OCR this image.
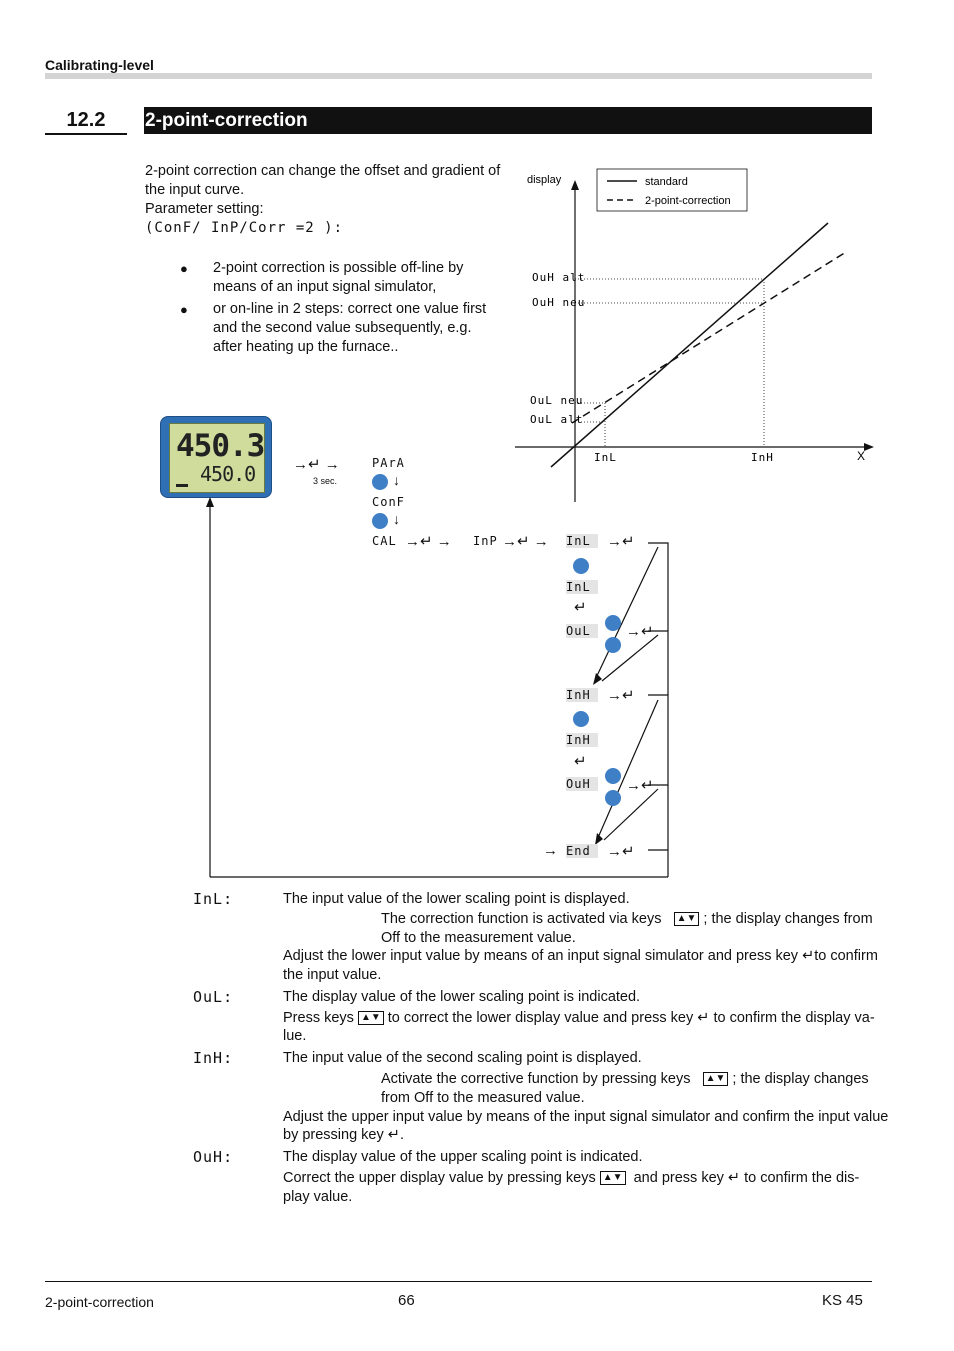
Calibrating-level
12.2	2-point-correction
2-point correction can change the offset and gradient of
the input curve.
Parameter setting:
(ConF/ InP/Corr =2 ):
● 2-point correction is possible off-line by
means of an input signal simulator,
● or on-line in 2 steps: correct one value first
and the second value subsequently, e.g.
after heating up the furnace..
display
X
standard
2-point-correction
OuH alt
OuH neu
OuL neu
OuL alt
InL	InH
450.3
450.0	→↵ →
3 sec.
PArA
↓
ConF
↓
CAL →↵ → InP →↵ → InL	→↵
InL
↵
OuL	→↵
InH	→↵
InH
↵
OuH	→↵
→ End	→↵
InL:	The input value of the lower scaling point is displayed.
The correction function is activated via keys ▲▼ ; the display changes from
Off to the measurement value.
Adjust the lower input value by means of an input signal simulator and press key ↵to confirm
the input value.
OuL:	The display value of the lower scaling point is indicated.
Press keys ▲▼ to correct the lower display value and press key ↵ to confirm the display va-
lue.
InH:	The input value of the second scaling point is displayed.
Activate the corrective function by pressing keys ▲▼ ; the display changes
from Off to the measured value.
Adjust the upper input value by means of the input signal simulator and confirm the input value
by pressing key ↵.
OuH:	The display value of the upper scaling point is indicated.
Correct the upper display value by pressing keys ▲▼ and press key ↵ to confirm the dis-
play value.
2-point-correction	66	KS 45
